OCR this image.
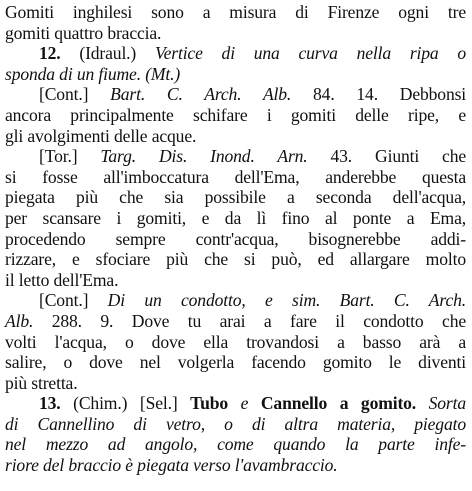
Gomiti inghilesi sono a misura di Firenze ogni tre
gomiti quattro braccia.
12. (Idraul.) Vertice di una curva nella ripa o
sponda di un fiume. (Mt.)
[Cont.] Bart. C. Arch. Alb. 84. 14. Debbonsi
ancora principalmente schifare i gomiti delle ripe, e
gli avolgimenti delle acque.
[Tor.] Targ. Dis. Inond. Arn. 43. Giunti che
si fosse all'imboccatura dell'Ema, anderebbe questa
piegata più che sia possibile a seconda dell'acqua,
per scansare i gomiti, e da lì fino al ponte a Ema,
procedendo sempre contr'acqua, bisognerebbe addi-
rizzare, e sfociare più che si può, ed allargare molto
il letto dell'Ema.
[Cont.] Di un condotto, e sim. Bart. C. Arch.
Alb. 288. 9. Dove tu arai a fare il condotto che
volti l'acqua, o dove ella trovandosi a basso arà a
salire, o dove nel volgerla facendo gomito le diventi
più stretta.
13. (Chim.) [Sel.] Tubo e Cannello a gomito. Sorta
di Cannellino di vetro, o di altra materia, piegato
nel mezzo ad angolo, come quando la parte infe-
riore del braccio è piegata verso l'avambraccio.
